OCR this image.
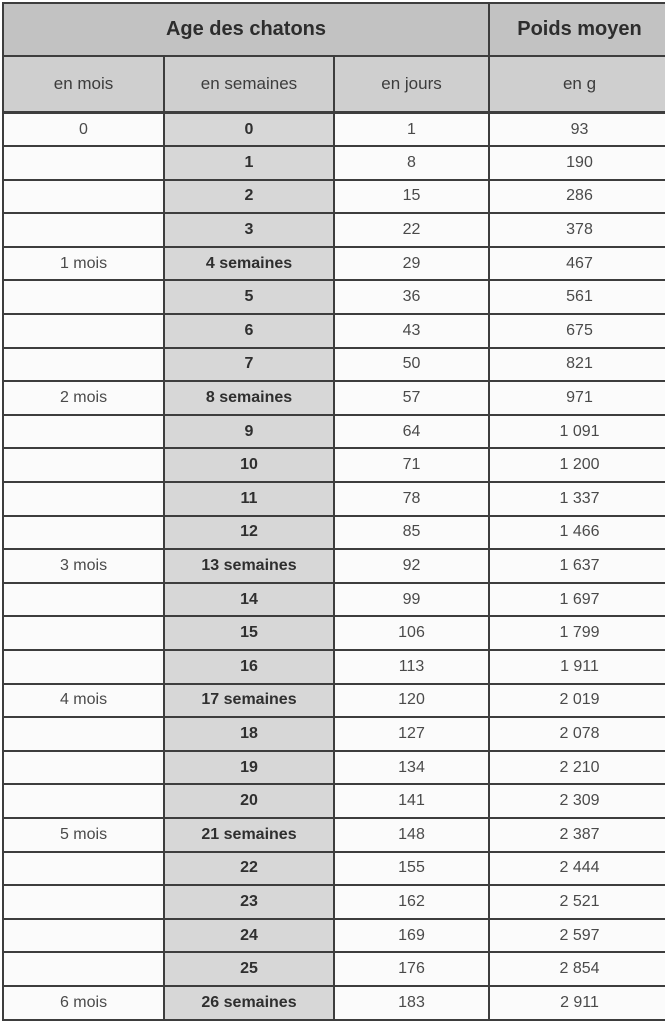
Age des chatons			Poids moyen
en mois	en semaines	en jours	en g
0	0	1	93
	1	8	190
	2	15	286
	3	22	378
1 mois	4 semaines	29	467
	5	36	561
	6	43	675
	7	50	821
2 mois	8 semaines	57	971
	9	64	1 091
	10	71	1 200
	11	78	1 337
	12	85	1 466
3 mois	13 semaines	92	1 637
	14	99	1 697
	15	106	1 799
	16	113	1 911
4 mois	17 semaines	120	2 019
	18	127	2 078
	19	134	2 210
	20	141	2 309
5 mois	21 semaines	148	2 387
	22	155	2 444
	23	162	2 521
	24	169	2 597
	25	176	2 854
6 mois	26 semaines	183	2 911
